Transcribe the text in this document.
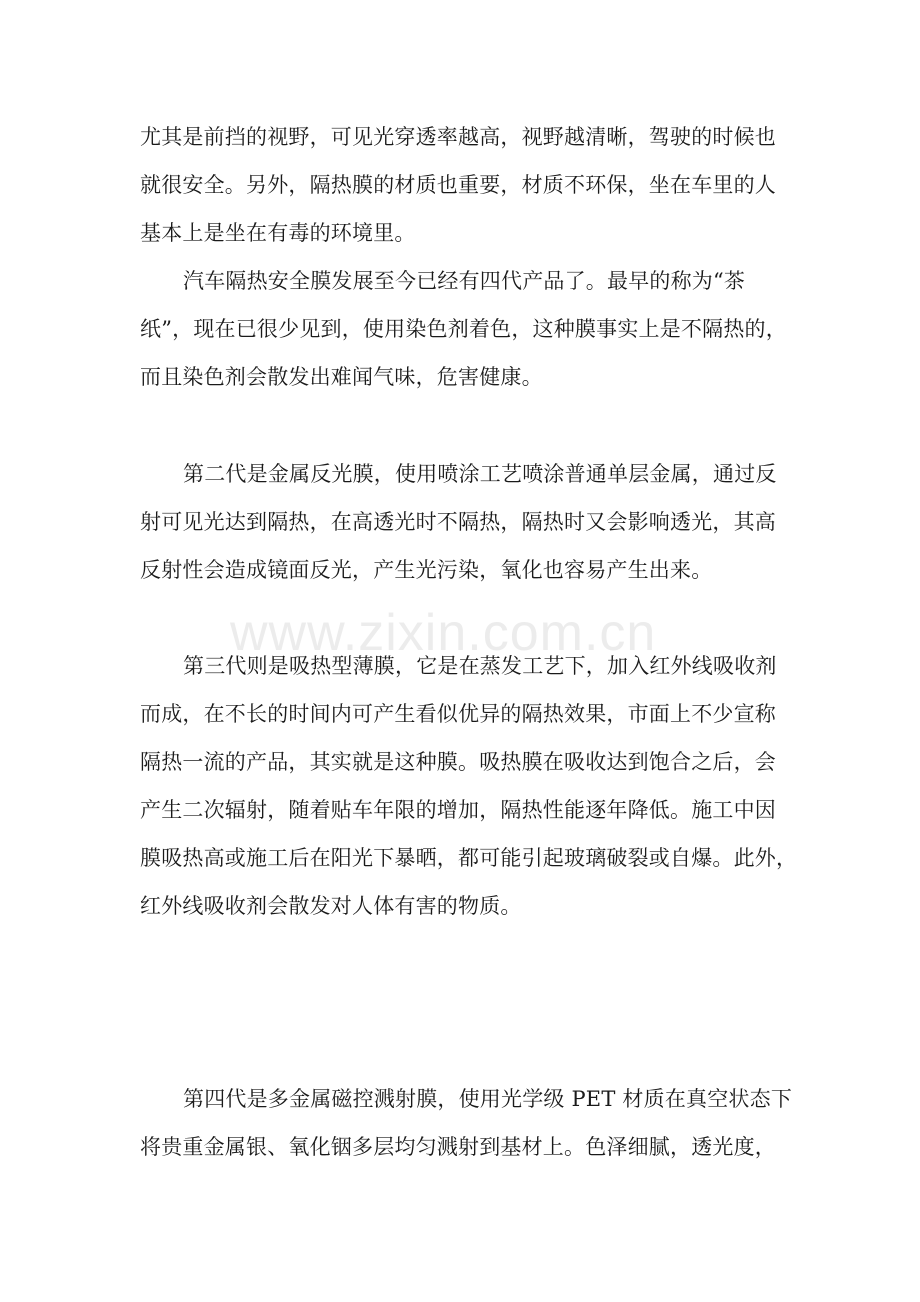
尤其是前挡的视野，可见光穿透率越高，视野越清晰，驾驶的时候也
就很安全。另外，隔热膜的材质也重要，材质不环保，坐在车里的人
基本上是坐在有毒的环境里。
汽车隔热安全膜发展至今已经有四代产品了。最早的称为“茶
纸”，现在已很少见到，使用染色剂着色，这种膜事实上是不隔热的，
而且染色剂会散发出难闻气味，危害健康。
第二代是金属反光膜，使用喷涂工艺喷涂普通单层金属，通过反
射可见光达到隔热，在高透光时不隔热，隔热时又会影响透光，其高
反射性会造成镜面反光，产生光污染，氧化也容易产生出来。
www.zixin.com.cn
第三代则是吸热型薄膜，它是在蒸发工艺下，加入红外线吸收剂
而成，在不长的时间内可产生看似优异的隔热效果，市面上不少宣称
隔热一流的产品，其实就是这种膜。吸热膜在吸收达到饱合之后，会
产生二次辐射，随着贴车年限的增加，隔热性能逐年降低。施工中因
膜吸热高或施工后在阳光下暴晒，都可能引起玻璃破裂或自爆。此外，
红外线吸收剂会散发对人体有害的物质。
第四代是多金属磁控溅射膜，使用光学级 PET 材质在真空状态下
将贵重金属银、氧化铟多层均匀溅射到基材上。色泽细腻，透光度，
